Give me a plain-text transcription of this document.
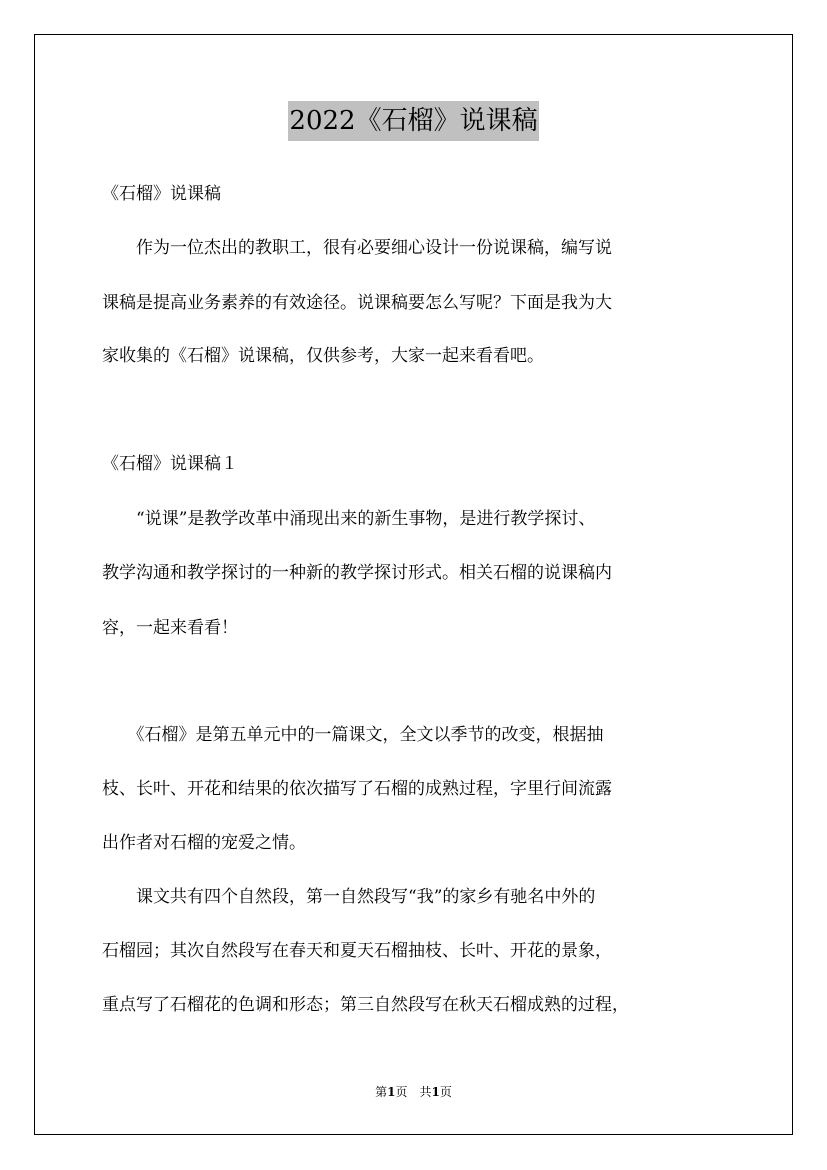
2022《石榴》说课稿
《石榴》说课稿
　　作为一位杰出的教职工，很有必要细心设计一份说课稿，编写说
课稿是提高业务素养的有效途径。说课稿要怎么写呢？下面是我为大
家收集的《石榴》说课稿，仅供参考，大家一起来看看吧。
《石榴》说课稿１
　　“说课”是教学改革中涌现出来的新生事物，是进行教学探讨、
教学沟通和教学探讨的一种新的教学探讨形式。相关石榴的说课稿内
容，一起来看看！
　　《石榴》是第五单元中的一篇课文，全文以季节的改变，根据抽
枝、长叶、开花和结果的依次描写了石榴的成熟过程，字里行间流露
出作者对石榴的宠爱之情。
　　课文共有四个自然段，第一自然段写“我”的家乡有驰名中外的
石榴园；其次自然段写在春天和夏天石榴抽枝、长叶、开花的景象，
重点写了石榴花的色调和形态；第三自然段写在秋天石榴成熟的过程，
第1页　共1页
